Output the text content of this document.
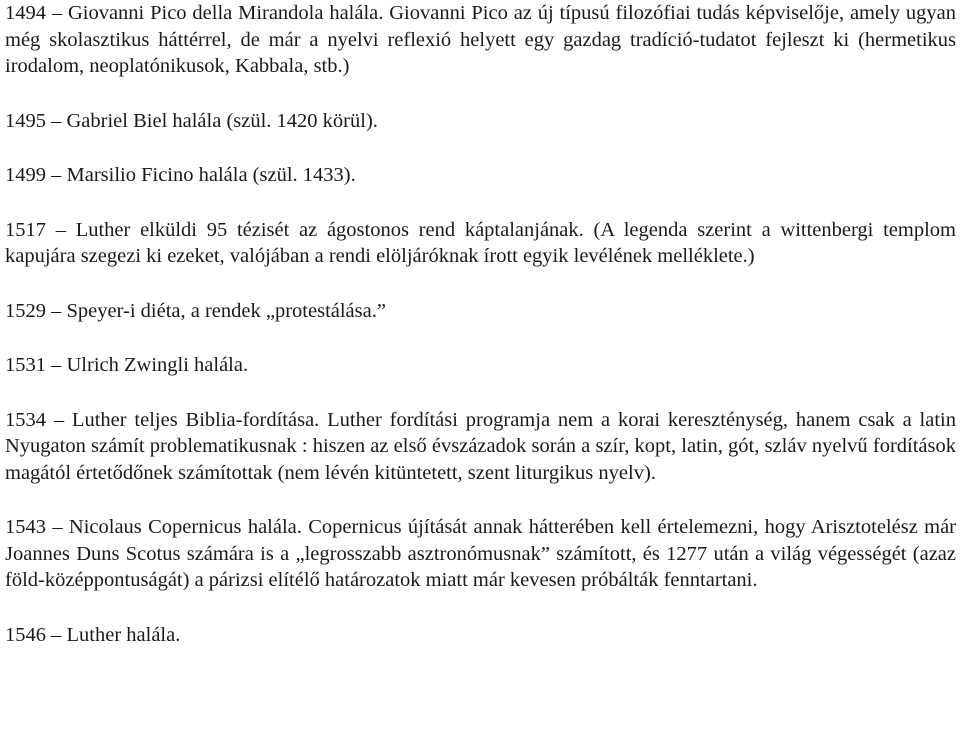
1494 – Giovanni Pico della Mirandola halála. Giovanni Pico az új típusú filozófiai tudás képviselője, amely ugyan még skolasztikus háttérrel, de már a nyelvi reflexió helyett egy gazdag tradíció-tudatot fejleszt ki (hermetikus irodalom, neoplatónikusok, Kabbala, stb.)

1495 – Gabriel Biel halála (szül. 1420 körül).

1499 – Marsilio Ficino halála (szül. 1433).

1517 – Luther elküldi 95 tézisét az ágostonos rend káptalanjának. (A legenda szerint a wittenbergi templom kapujára szegezi ki ezeket, valójában a rendi elöljáróknak írott egyik levélének melléklete.)

1529 – Speyer-i diéta, a rendek „protestálása.”

1531 – Ulrich Zwingli halála.

1534 – Luther teljes Biblia-fordítása. Luther fordítási programja nem a korai kereszténység, hanem csak a latin Nyugaton számít problematikusnak : hiszen az első évszázadok során a szír, kopt, latin, gót, szláv nyelvű fordítások magától értetődőnek számítottak (nem lévén kitüntetett, szent liturgikus nyelv).

1543 – Nicolaus Copernicus halála. Copernicus újítását annak hátterében kell értelemezni, hogy Arisztotelész már Joannes Duns Scotus számára is a „legrosszabb asztronómusnak” számított, és 1277 után a világ végességét (azaz föld-középpontuságát) a párizsi elítélő határozatok miatt már kevesen próbálták fenntartani.

1546 – Luther halála.
